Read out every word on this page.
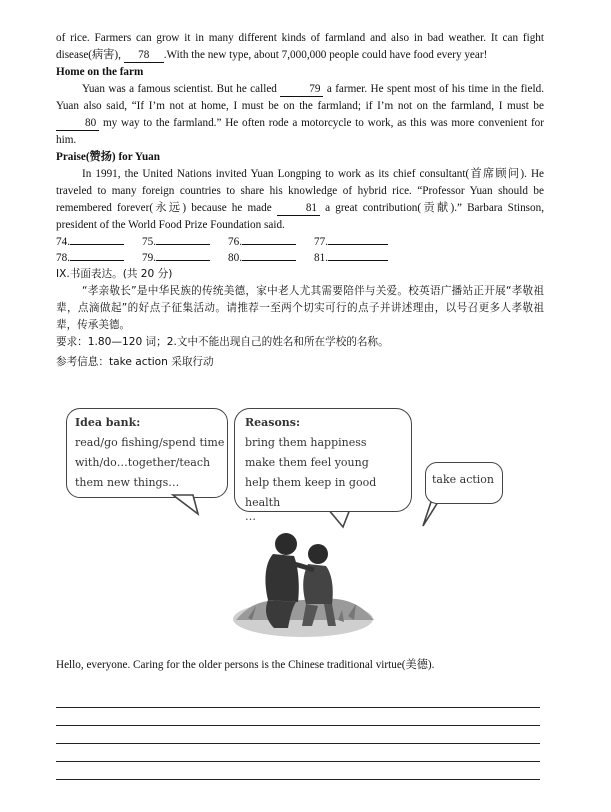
of rice. Farmers can grow it in many different kinds of farmland and also in bad weather. It can fight disease(病害), 78 .With the new type, about 7,000,000 people could have food every year!

Home on the farm

Yuan was a famous scientist. But he called	79 a farmer. He spent most of his time in the field. Yuan also said, “If I’m not at home, I must be on the farmland; if I’m not on the farmland, I must be80 my way to the farmland.” He often rode a motorcycle to work, as this was more convenient for him.

Praise(赞扬) for Yuan

In 1991, the United Nations invited Yuan Longping to work as its chief consultant(首席顾问). He traveled to many foreign countries to share his knowledge of hybrid rice. “Professor Yuan should be remembered forever(永远) because he made	81 a great contribution(贡献).” Barbara Stinson, president of the World Food Prize Foundation said.

74.	75.	76.	77.
78.	79.	80.	81.

IX.书面表达。(共 20 分)

“孝亲敬长”是中华民族的传统美德，家中老人尤其需要陪伴与关爱。校英语广播站正开展“孝敬祖辈，点滴做起”的好点子征集活动。请推荐一至两个切实可行的点子并讲述理由，以号召更多人孝敬祖辈，传承美德。

要求：1.80—120 词；2.文中不能出现自己的姓名和所在学校的名称。

参考信息：take action 采取行动

Idea bank:
read/go fishing/spend time
with/do…together/teach
them new things…
Reasons:
bring them happiness
make them feel young
help them keep in good health
…
take action

Hello, everyone. Caring for the older persons is the Chinese traditional virtue(美德).
